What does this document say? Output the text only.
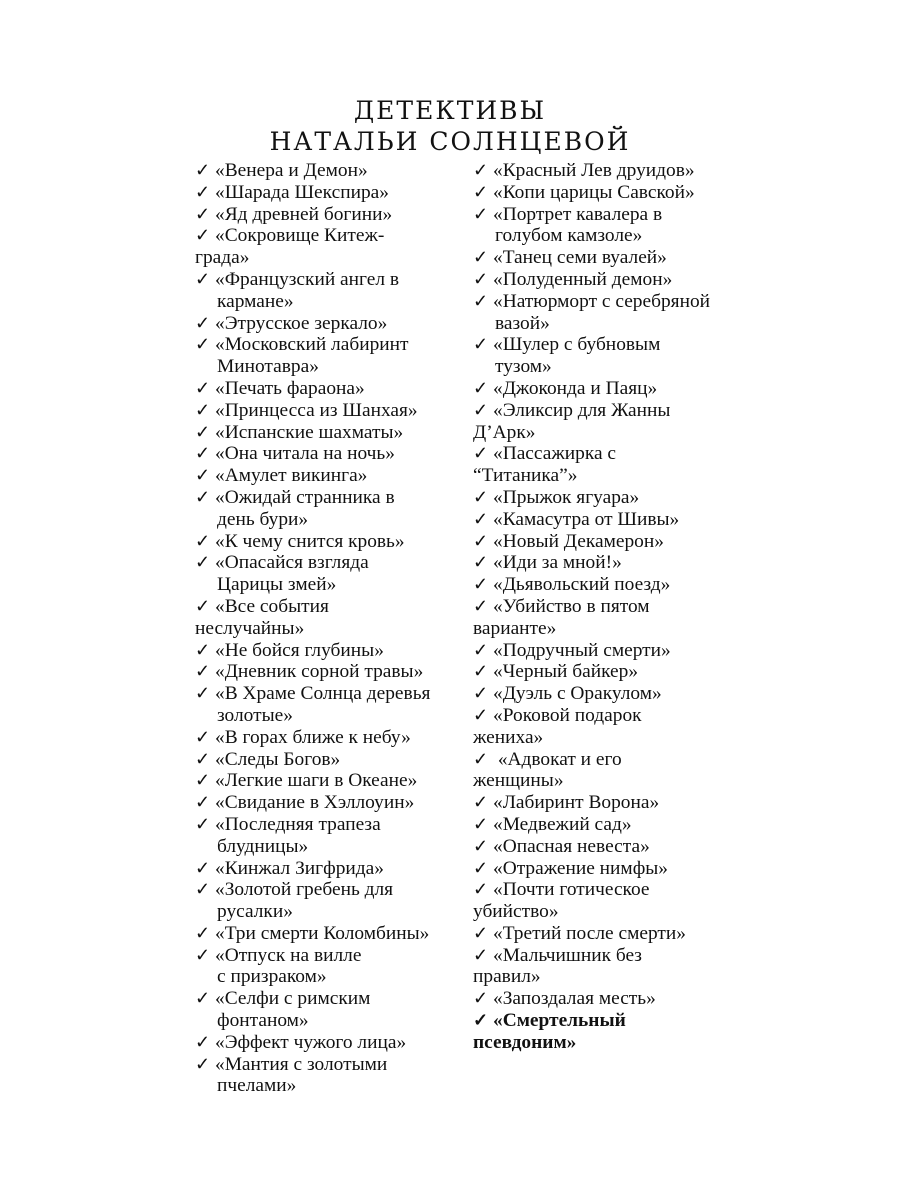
ДЕТЕКТИВЫ
НАТАЛЬИ СОЛНЦЕВОЙ
✓ «Венера и Демон»
✓ «Шарада Шекспира»
✓ «Яд древней богини»
✓ «Сокровище Китеж-
града»
✓ «Французский ангел в
кармане»
✓ «Этрусское зеркало»
✓ «Московский лабиринт
Минотавра»
✓ «Печать фараона»
✓ «Принцесса из Шанхая»
✓ «Испанские шахматы»
✓ «Она читала на ночь»
✓ «Амулет викинга»
✓ «Ожидай странника в
день бури»
✓ «К чему снится кровь»
✓ «Опасайся взгляда
Царицы змей»
✓ «Все события
неслучайны»
✓ «Не бойся глубины»
✓ «Дневник сорной травы»
✓ «В Храме Солнца деревья
золотые»
✓ «В горах ближе к небу»
✓ «Следы Богов»
✓ «Легкие шаги в Океане»
✓ «Свидание в Хэллоуин»
✓ «Последняя трапеза
блудницы»
✓ «Кинжал Зигфрида»
✓ «Золотой гребень для
русалки»
✓ «Три смерти Коломбины»
✓ «Отпуск на вилле
с призраком»
✓ «Селфи с римским
фонтаном»
✓ «Эффект чужого лица»
✓ «Мантия с золотыми
пчелами»
✓ «Красный Лев друидов»
✓ «Копи царицы Савской»
✓ «Портрет кавалера в
голубом камзоле»
✓ «Танец семи вуалей»
✓ «Полуденный демон»
✓ «Натюрморт с серебряной
вазой»
✓ «Шулер с бубновым
тузом»
✓ «Джоконда и Паяц»
✓ «Эликсир для Жанны
Д’Арк»
✓ «Пассажирка с
“Титаника”»
✓ «Прыжок ягуара»
✓ «Камасутра от Шивы»
✓ «Новый Декамерон»
✓ «Иди за мной!»
✓ «Дьявольский поезд»
✓ «Убийство в пятом
варианте»
✓ «Подручный смерти»
✓ «Черный байкер»
✓ «Дуэль с Оракулом»
✓ «Роковой подарок
жениха»
✓ «Адвокат и его
женщины»
✓ «Лабиринт Ворона»
✓ «Медвежий сад»
✓ «Опасная невеста»
✓ «Отражение нимфы»
✓ «Почти готическое
убийство»
✓ «Третий после смерти»
✓ «Мальчишник без
правил»
✓ «Запоздалая месть»
✓ «Смертельный
псевдоним»
